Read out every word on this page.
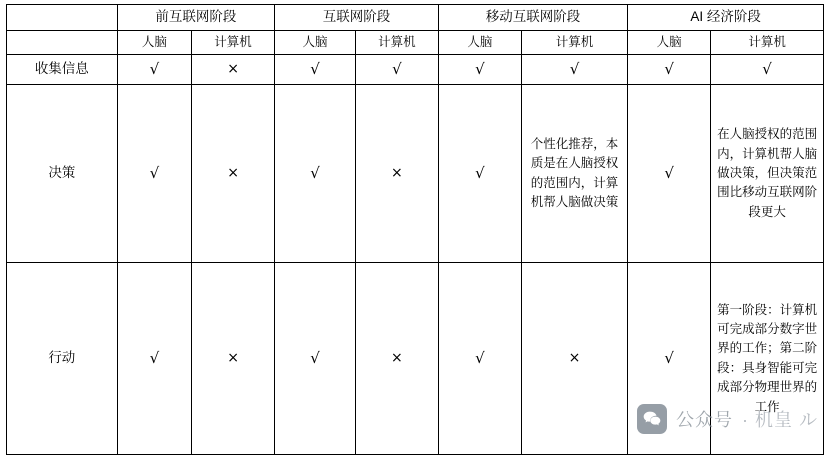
	前互联网阶段		互联网阶段		移动互联网阶段		AI 经济阶段	
	人脑	计算机	人脑	计算机	人脑	计算机	人脑	计算机
收集信息	√	×	√	√	√	√	√	√
决策	√	×	√	×	√	个性化推荐，本质是在人脑授权的范围内，计算机帮人脑做决策	√	在人脑授权的范围内，计算机帮人脑做决策，但决策范围比移动互联网阶段更大
行动	√	×	√	×	√	×	√	第一阶段：计算机可完成部分数字世界的工作；第二阶段：具身智能可完成部分物理世界的工作
公众号 · 机皇 ル
